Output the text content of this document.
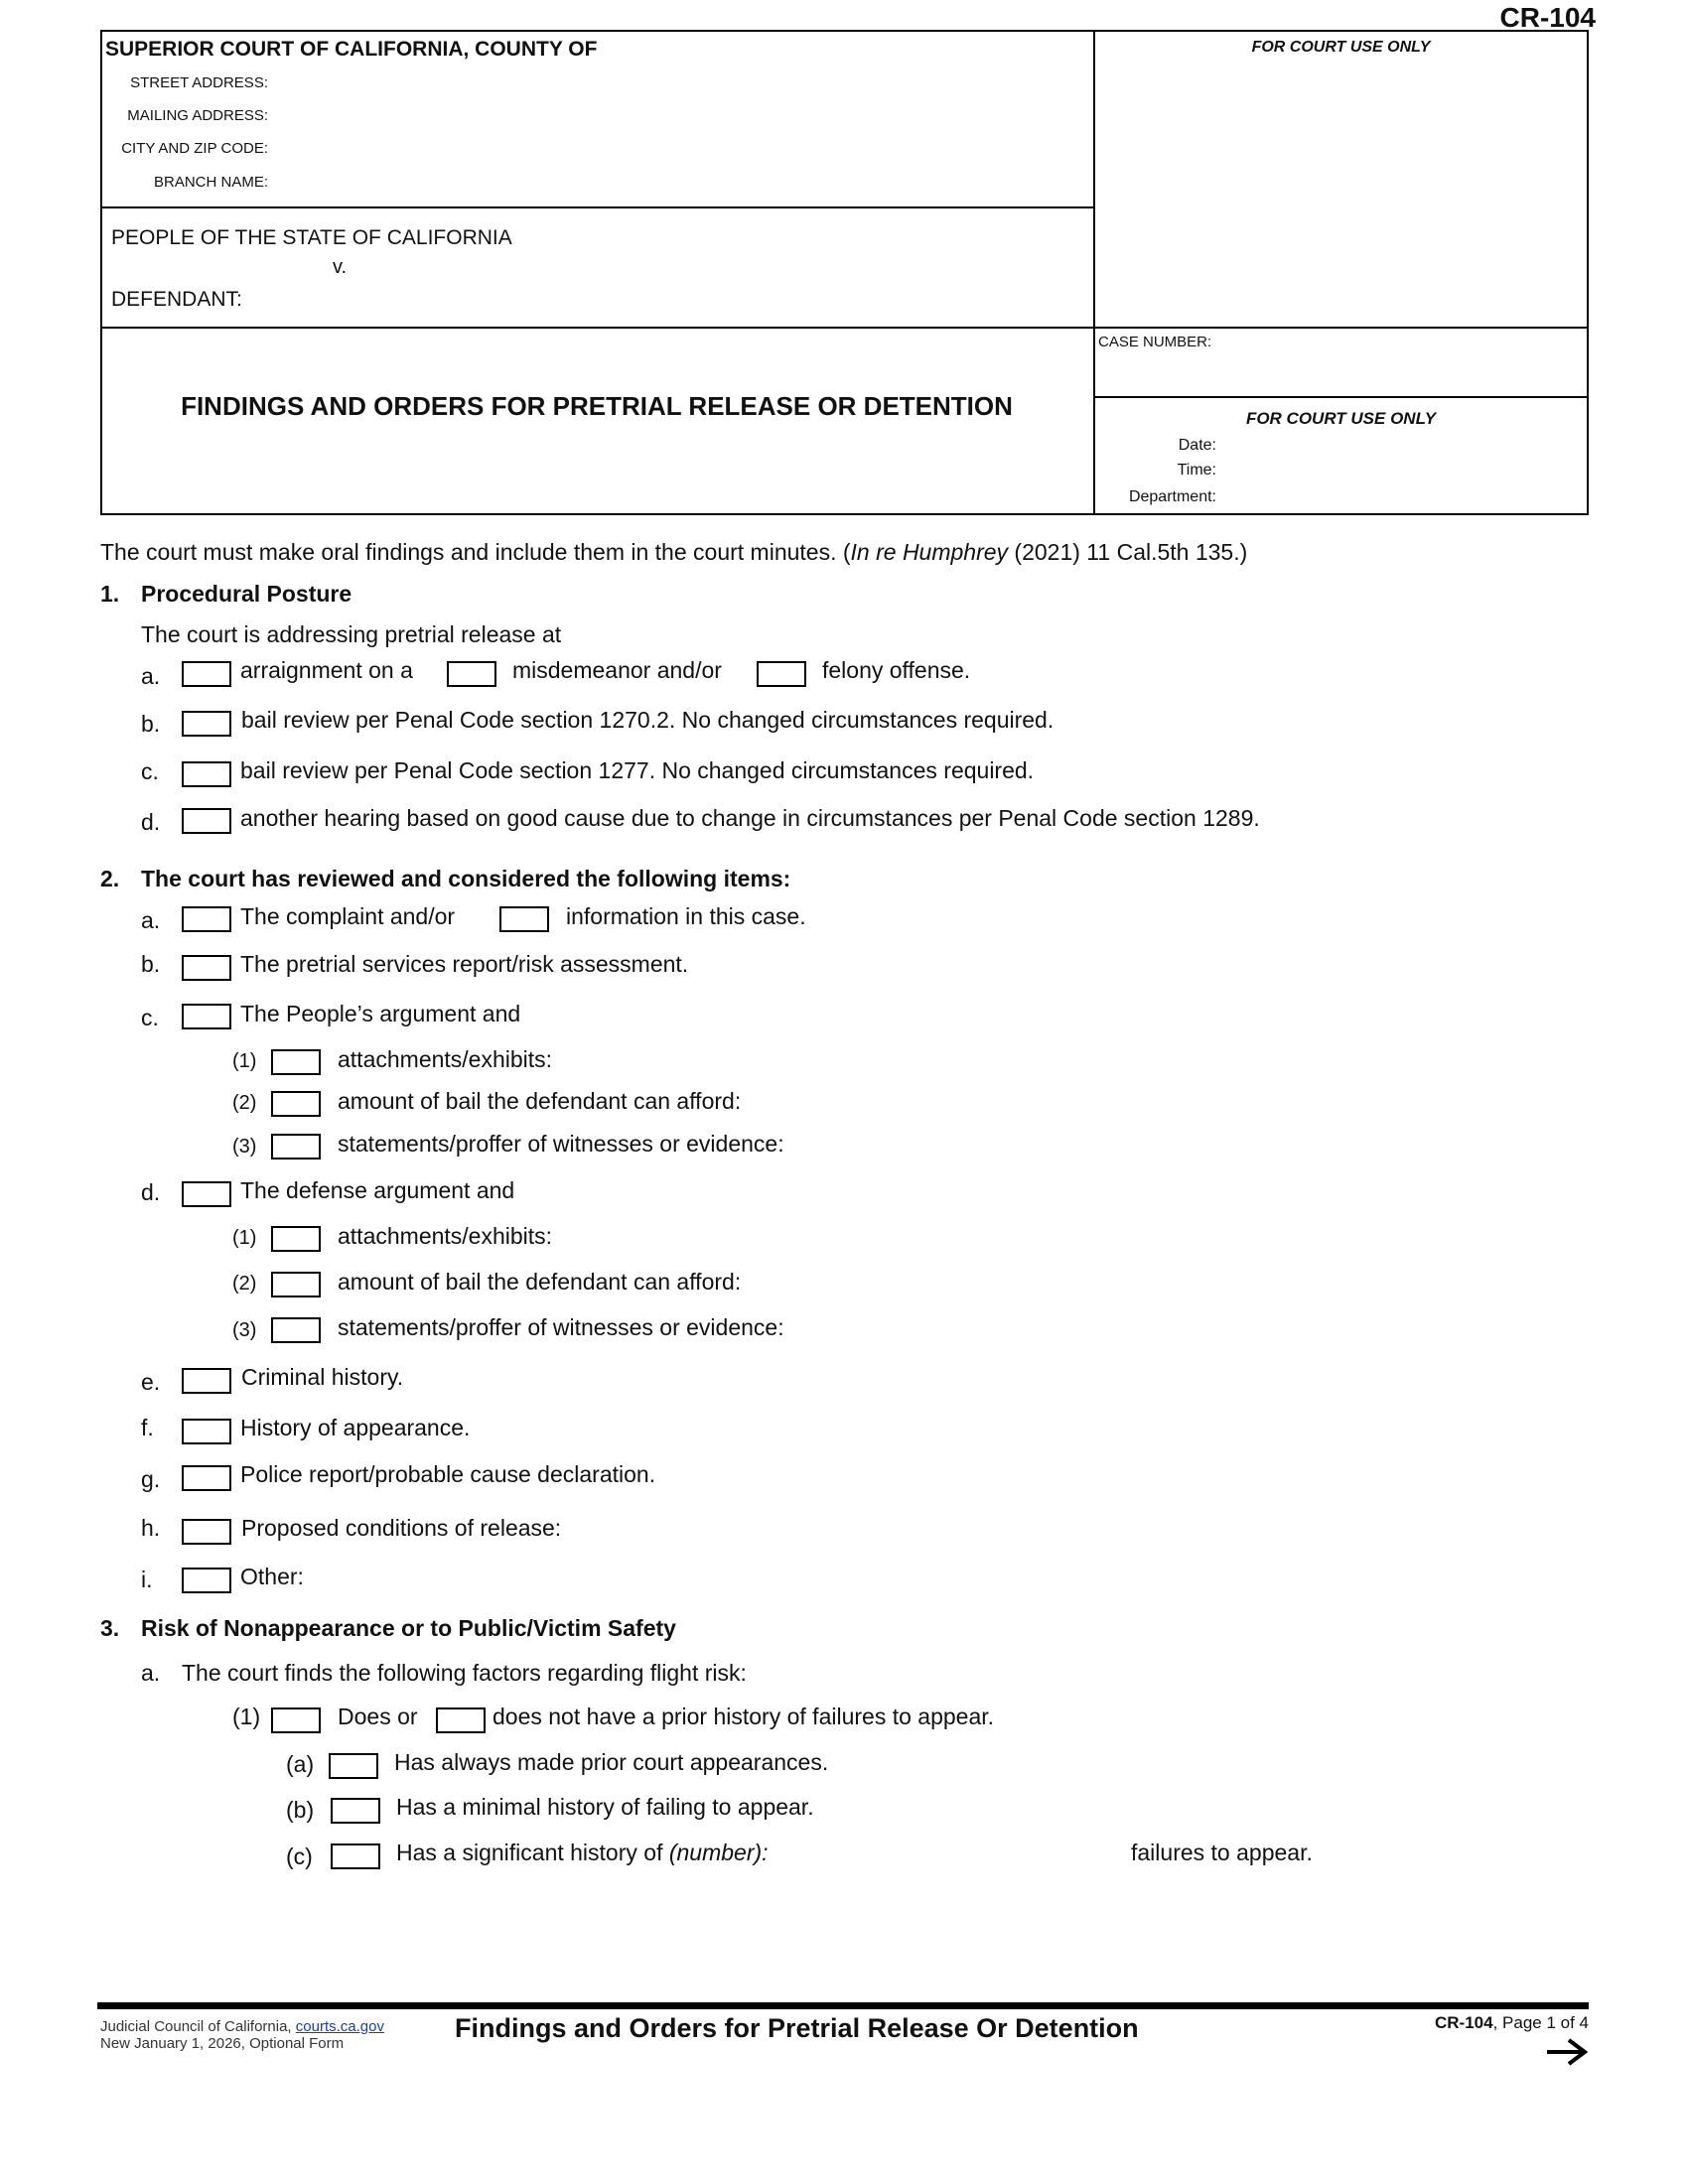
CR-104
SUPERIOR COURT OF CALIFORNIA, COUNTY OF
STREET ADDRESS:
MAILING ADDRESS:
CITY AND ZIP CODE:
BRANCH NAME:
FOR COURT USE ONLY
PEOPLE OF THE STATE OF CALIFORNIA
v.
DEFENDANT:
FINDINGS AND ORDERS FOR PRETRIAL RELEASE OR DETENTION
CASE NUMBER:
FOR COURT USE ONLY
Date:
Time:
Department:
The court must make oral findings and include them in the court minutes. (In re Humphrey (2021) 11 Cal.5th 135.)
1. Procedural Posture
The court is addressing pretrial release at
a.	arraignment on a	misdemeanor and/or	felony offense.
b.	bail review per Penal Code section 1270.2. No changed circumstances required.
c.	bail review per Penal Code section 1277. No changed circumstances required.
d.	another hearing based on good cause due to change in circumstances per Penal Code section 1289.
2. The court has reviewed and considered the following items:
a.	The complaint and/or	information in this case.
b.	The pretrial services report/risk assessment.
c.	The People’s argument and
(1)	attachments/exhibits:
(2)	amount of bail the defendant can afford:
(3)	statements/proffer of witnesses or evidence:
d.	The defense argument and
(1)	attachments/exhibits:
(2)	amount of bail the defendant can afford:
(3)	statements/proffer of witnesses or evidence:
e.	Criminal history.
f.	History of appearance.
g.	Police report/probable cause declaration.
h.	Proposed conditions of release:
i.	Other:
3. Risk of Nonappearance or to Public/Victim Safety
a. The court finds the following factors regarding flight risk:
(1)	Does or	does not have a prior history of failures to appear.
(a)	Has always made prior court appearances.
(b)	Has a minimal history of failing to appear.
(c)	Has a significant history of (number):	failures to appear.
Judicial Council of California, courts.ca.gov
New January 1, 2026, Optional Form
Findings and Orders for Pretrial Release Or Detention	CR-104, Page 1 of 4
